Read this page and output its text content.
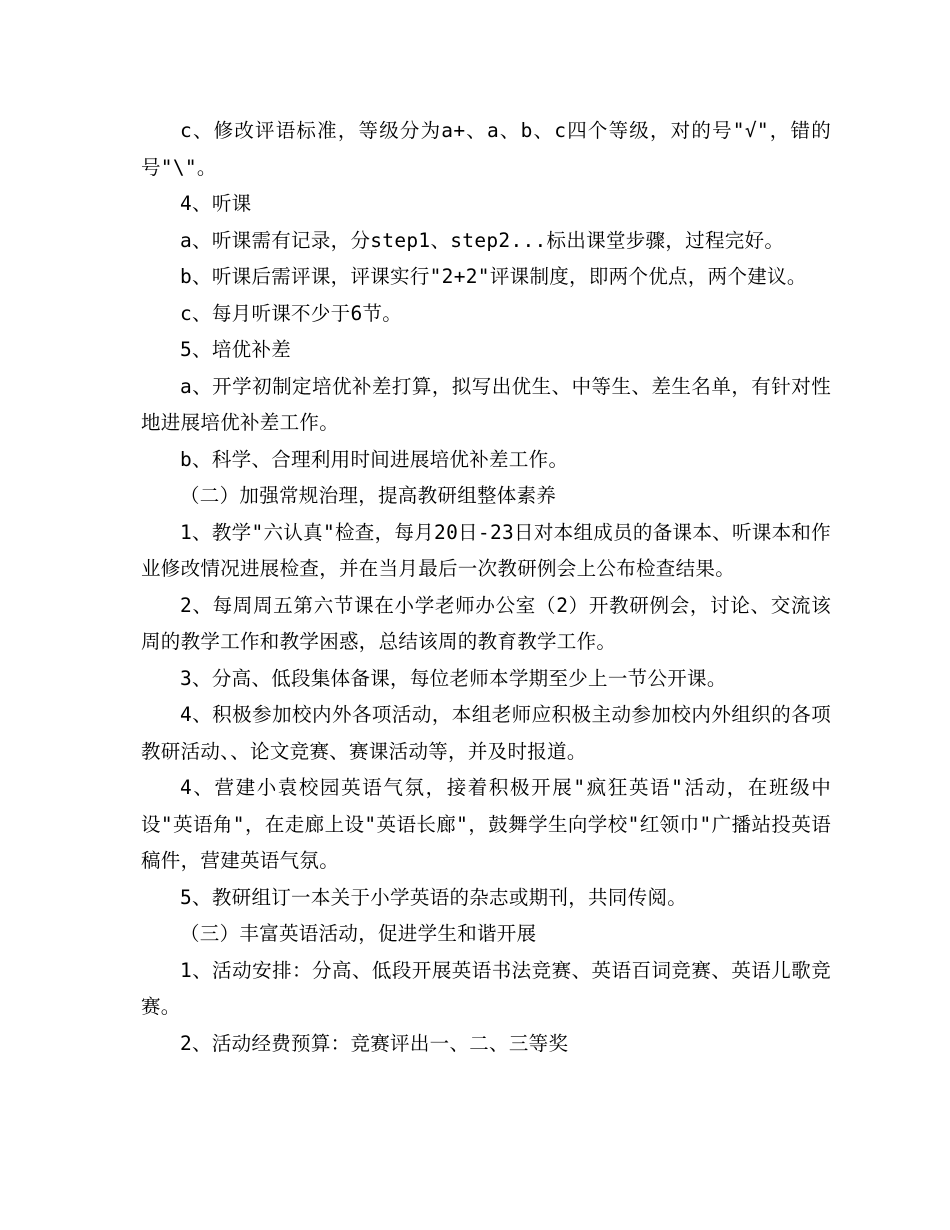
c、修改评语标准，等级分为a+、a、b、c四个等级，对的号"√"，错的号"\"。

4、听课

a、听课需有记录，分step1、step2...标出课堂步骤，过程完好。

b、听课后需评课，评课实行"2+2"评课制度，即两个优点，两个建议。

c、每月听课不少于6节。

5、培优补差

a、开学初制定培优补差打算，拟写出优生、中等生、差生名单，有针对性地进展培优补差工作。

b、科学、合理利用时间进展培优补差工作。

（二）加强常规治理，提高教研组整体素养

1、教学"六认真"检查，每月20日-23日对本组成员的备课本、听课本和作业修改情况进展检查，并在当月最后一次教研例会上公布检查结果。

2、每周周五第六节课在小学老师办公室（2）开教研例会，讨论、交流该周的教学工作和教学困惑，总结该周的教育教学工作。

3、分高、低段集体备课，每位老师本学期至少上一节公开课。

4、积极参加校内外各项活动，本组老师应积极主动参加校内外组织的各项教研活动、、论文竞赛、赛课活动等，并及时报道。

4、营建小袁校园英语气氛，接着积极开展"疯狂英语"活动，在班级中设"英语角"，在走廊上设"英语长廊"，鼓舞学生向学校"红领巾"广播站投英语稿件，营建英语气氛。

5、教研组订一本关于小学英语的杂志或期刊，共同传阅。

（三）丰富英语活动，促进学生和谐开展

1、活动安排：分高、低段开展英语书法竞赛、英语百词竞赛、英语儿歌竞赛。

2、活动经费预算：竞赛评出一、二、三等奖
